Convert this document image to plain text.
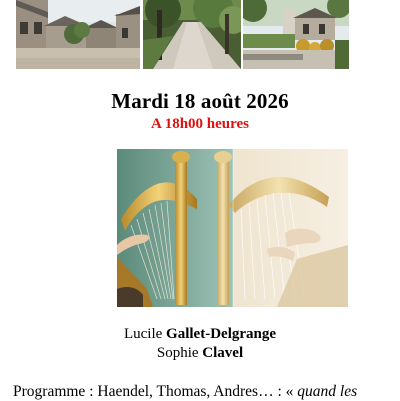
Mardi 18 août 2026
A 18h00 heures
Lucile Gallet-Delgrange
Sophie Clavel
Programme : Haendel, Thomas, Andres… : « quand les
